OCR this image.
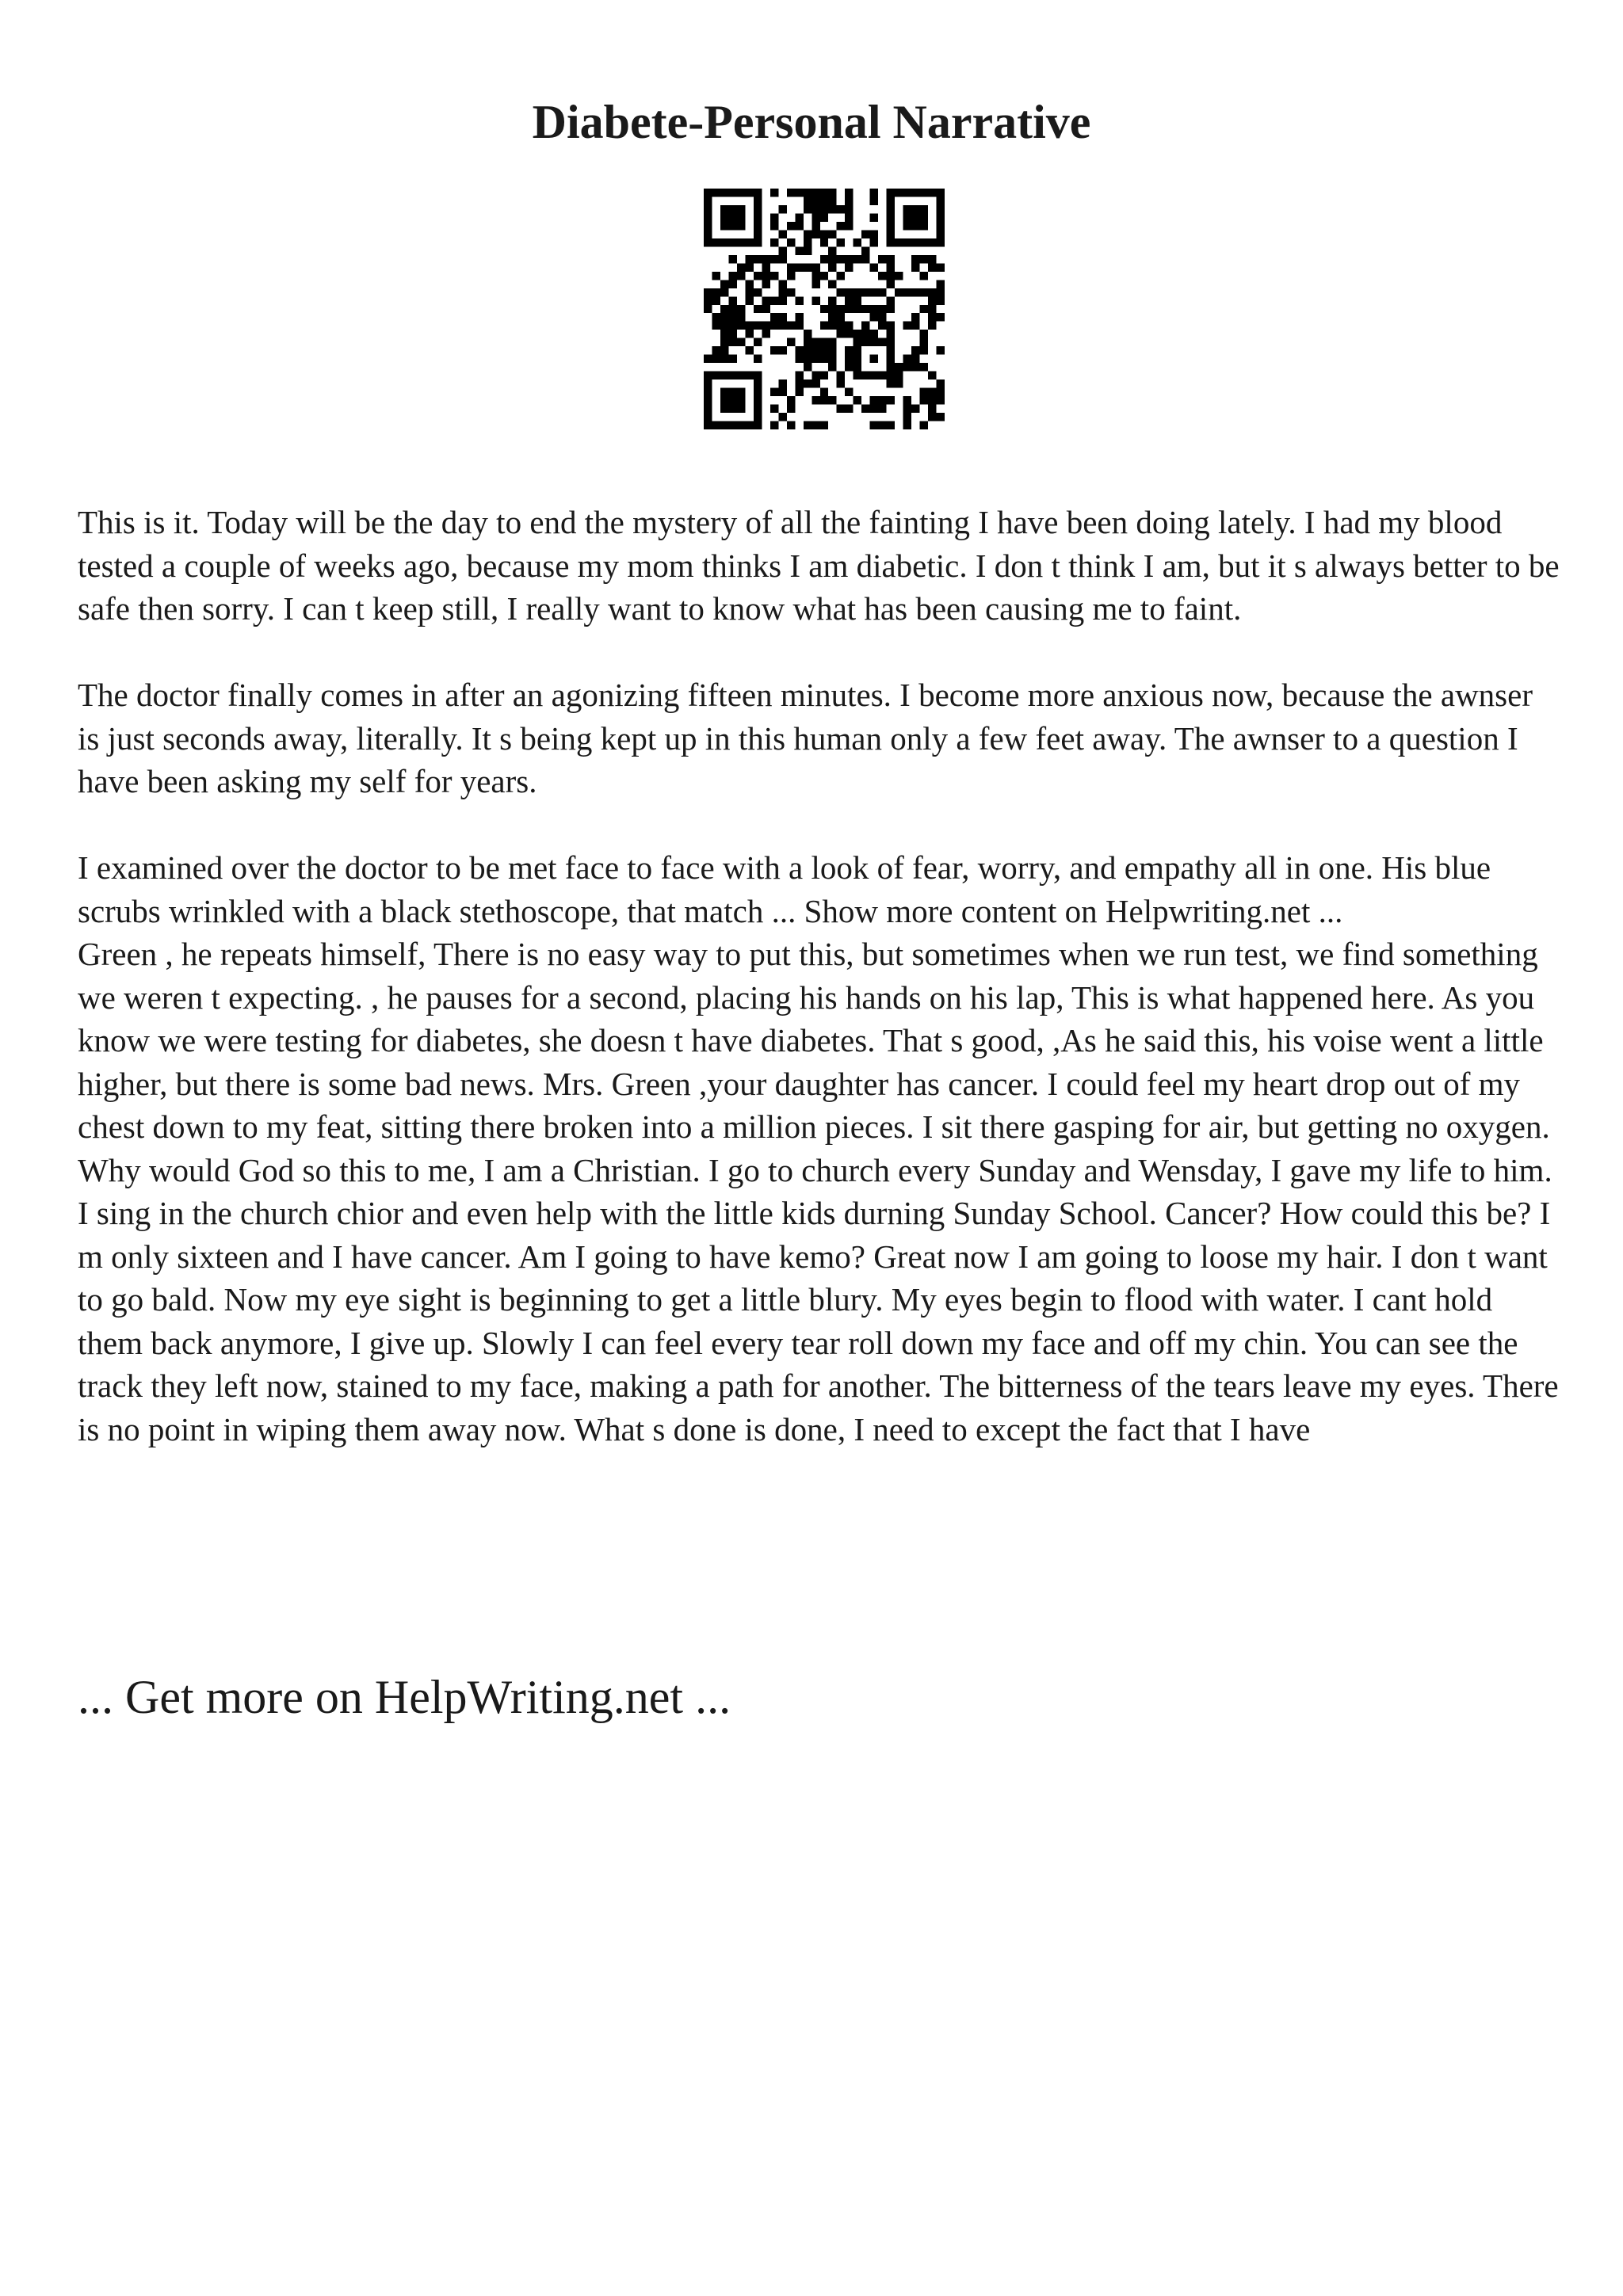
Diabete-Personal Narrative

This is it. Today will be the day to end the mystery of all the fainting I have been doing lately. I had my blood tested a couple of weeks ago, because my mom thinks I am diabetic. I don t think I am, but it s always better to be safe then sorry. I can t keep still, I really want to know what has been causing me to faint.

The doctor finally comes in after an agonizing fifteen minutes. I become more anxious now, because the awnser is just seconds away, literally. It s being kept up in this human only a few feet away. The awnser to a question I have been asking my self for years.

I examined over the doctor to be met face to face with a look of fear, worry, and empathy all in one. His blue scrubs wrinkled with a black stethoscope, that match ... Show more content on Helpwriting.net ...

Green , he repeats himself, There is no easy way to put this, but sometimes when we run test, we find something we weren t expecting. , he pauses for a second, placing his hands on his lap, This is what happened here. As you know we were testing for diabetes, she doesn t have diabetes. That s good, ,As he said this, his voise went a little higher, but there is some bad news. Mrs. Green ,your daughter has cancer. I could feel my heart drop out of my chest down to my feat, sitting there broken into a million pieces. I sit there gasping for air, but getting no oxygen. Why would God so this to me, I am a Christian. I go to church every Sunday and Wensday, I gave my life to him. I sing in the church chior and even help with the little kids durning Sunday School. Cancer? How could this be? I m only sixteen and I have cancer. Am I going to have kemo? Great now I am going to loose my hair. I don t want to go bald. Now my eye sight is beginning to get a little blury. My eyes begin to flood with water. I cant hold them back anymore, I give up. Slowly I can feel every tear roll down my face and off my chin. You can see the track they left now, stained to my face, making a path for another. The bitterness of the tears leave my eyes. There is no point in wiping them away now. What s done is done, I need to except the fact that I have

... Get more on HelpWriting.net ...
